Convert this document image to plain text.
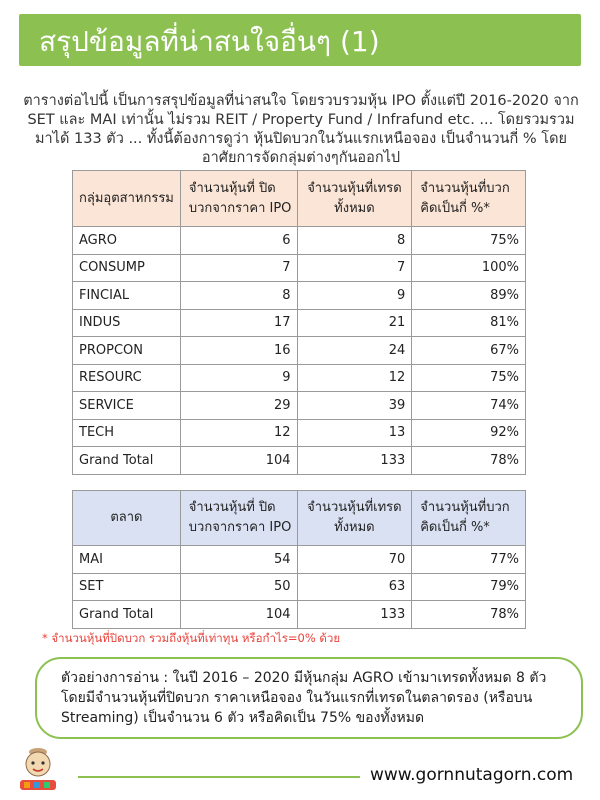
สรุปข้อมูลที่น่าสนใจอื่นๆ (1)

ตารางต่อไปนี้ เป็นการสรุปข้อมูลที่น่าสนใจ โดยรวบรวมหุ้น IPO ตั้งแต่ปี 2016-2020 จาก SET และ MAI เท่านั้น ไม่รวม REIT / Property Fund / Infrafund etc. ... โดยรวมรวมมาได้ 133 ตัว ... ทั้งนี้ต้องการดูว่า หุ้นปิดบวกในวันแรกเหนือจอง เป็นจำนวนกี่ % โดยอาศัยการจัดกลุ่มต่างๆกันออกไป

กลุ่มอุตสาหกรรม	จำนวนหุ้นที่ ปิดบวกจากราคา IPO	จำนวนหุ้นที่เทรดทั้งหมด	จำนวนหุ้นที่บวก คิดเป็นกี่ %*
AGRO	6	8	75%
CONSUMP	7	7	100%
FINCIAL	8	9	89%
INDUS	17	21	81%
PROPCON	16	24	67%
RESOURC	9	12	75%
SERVICE	29	39	74%
TECH	12	13	92%
Grand Total	104	133	78%
ตลาด	จำนวนหุ้นที่ ปิดบวกจากราคา IPO	จำนวนหุ้นที่เทรดทั้งหมด	จำนวนหุ้นที่บวก คิดเป็นกี่ %*
MAI	54	70	77%
SET	50	63	79%
Grand Total	104	133	78%
* จำนวนหุ้นที่ปิดบวก รวมถึงหุ้นที่เท่าทุน หรือกำไร=0% ด้วย
ตัวอย่างการอ่าน : ในปี 2016 – 2020 มีหุ้นกลุ่ม AGRO เข้ามาเทรดทั้งหมด 8 ตัว โดยมีจำนวนหุ้นที่ปิดบวก ราคาเหนือจอง ในวันแรกที่เทรดในตลาดรอง (หรือบน Streaming) เป็นจำนวน 6 ตัว หรือคิดเป็น 75% ของทั้งหมด
www.gornnutagorn.com
